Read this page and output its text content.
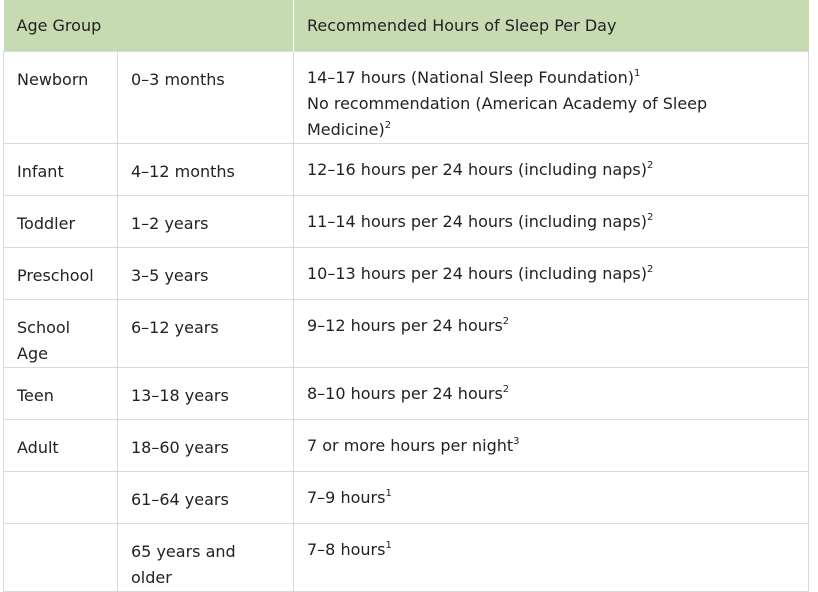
Age Group		Recommended Hours of Sleep Per Day
Newborn	0–3 months	14–17 hours (National Sleep Foundation)$^1$
No recommendation (American Academy of Sleep Medicine)$^2$

Infant	4–12 months	12–16 hours per 24 hours (including naps)$^2$

Toddler	1–2 years	11–14 hours per 24 hours (including naps)$^2$

Preschool	3–5 years	10–13 hours per 24 hours (including naps)$^2$

School Age	6–12 years	9–12 hours per 24 hours$^2$

Teen	13–18 years	8–10 hours per 24 hours$^2$

Adult	18–60 years	7 or more hours per night$^3$

	61–64 years	7–9 hours$^1$

	65 years and older	7–8 hours$^1$
